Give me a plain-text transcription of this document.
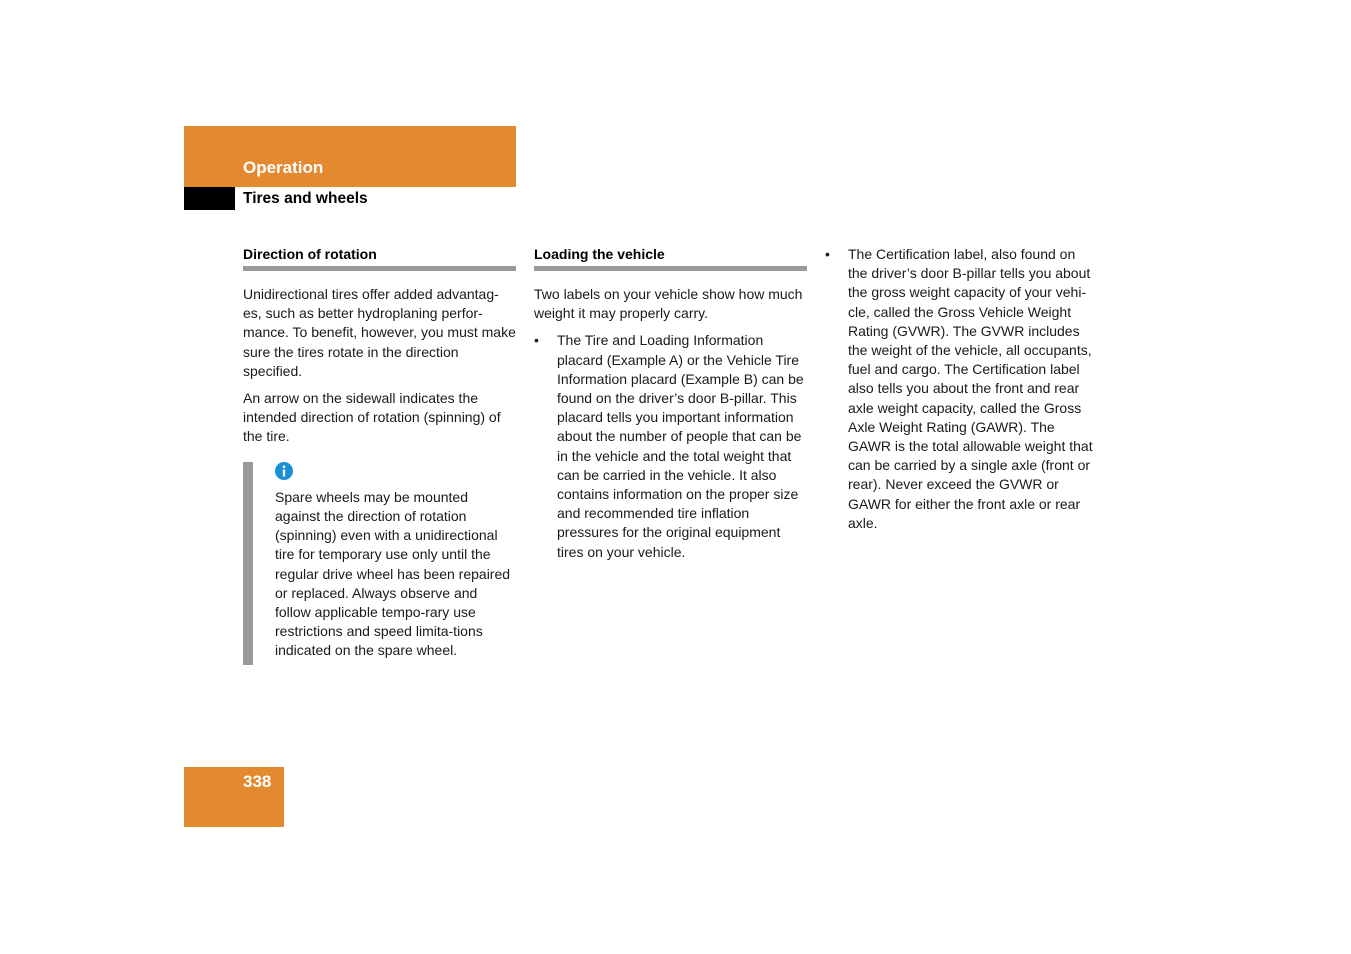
Operation
Tires and wheels
Direction of rotation

Unidirectional tires offer added advantag-es, such as better hydroplaning perfor-mance. To benefit, however, you must make sure the tires rotate in the direction specified.

An arrow on the sidewall indicates the intended direction of rotation (spinning) of the tire.

Spare wheels may be mounted against the direction of rotation (spinning) even with a unidirectional tire for temporary use only until the regular drive wheel has been repaired or replaced. Always observe and follow applicable tempo-rary use restrictions and speed limita-tions indicated on the spare wheel.

Loading the vehicle

Two labels on your vehicle show how much weight it may properly carry.

•	The Tire and Loading Information placard (Example A) or the Vehicle Tire Information placard (Example B) can be found on the driver’s door B-pillar. This placard tells you important information about the number of people that can be in the vehicle and the total weight that can be carried in the vehicle. It also contains information on the proper size and recommended tire inflation pressures for the original equipment tires on your vehicle.
•	The Certification label, also found on the driver’s door B-pillar tells you about the gross weight capacity of your vehi-cle, called the Gross Vehicle Weight Rating (GVWR). The GVWR includes the weight of the vehicle, all occupants, fuel and cargo. The Certification label also tells you about the front and rear axle weight capacity, called the Gross Axle Weight Rating (GAWR). The GAWR is the total allowable weight that can be carried by a single axle (front or rear). Never exceed the GVWR or GAWR for either the front axle or rear axle.
338
